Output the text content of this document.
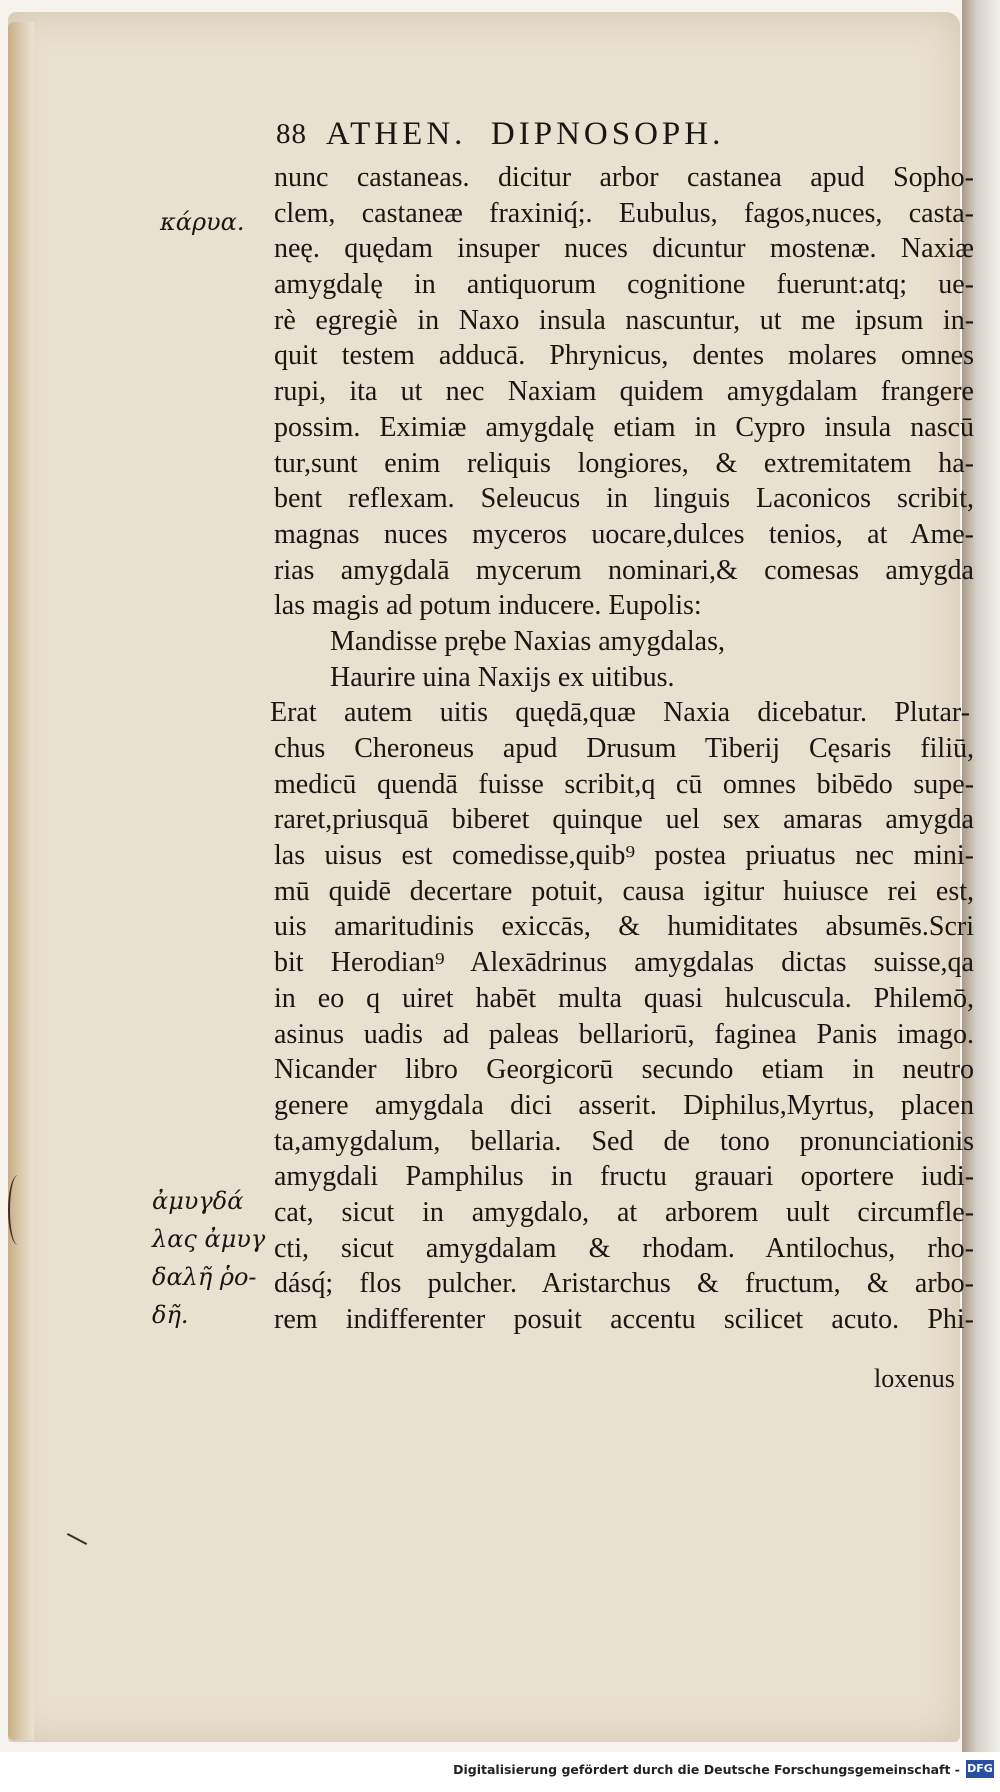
88 ATHEN.  DIPNOSOPH.
κάρυα.
ἀμυγδά
λας ἀμυγ
δαλῆ ῥο-
δῆ.
nunc castaneas. dicitur arbor castanea apud Sopho-
clem, castaneæ fraxiniq́;. Eubulus, fagos,nuces, casta-
neę. quędam insuper nuces dicuntur mostenæ. Naxiæ
amygdalę in antiquorum cognitione fuerunt:atq; ue-
rè egregiè in Naxo insula nascuntur, ut me ipsum in-
quit testem adducā. Phrynicus, dentes molares omnes
rupi, ita ut nec Naxiam quidem amygdalam frangere
possim. Eximiæ amygdalę etiam in Cypro insula nascū
tur,sunt enim reliquis longiores, & extremitatem ha-
bent reflexam. Seleucus in linguis Laconicos scribit,
magnas nuces myceros uocare,dulces tenios, at Ame-
rias amygdalā mycerum nominari,& comesas amygda
las magis ad potum inducere. Eupolis:
Mandisse prębe Naxias amygdalas,
Haurire uina Naxijs ex uitibus.
Erat autem uitis quędā,quæ Naxia dicebatur. Plutar-
chus Cheroneus apud Drusum Tiberij Cęsaris filiū,
medicū quendā fuisse scribit,q cū omnes bibēdo supe-
raret,priusquā biberet quinque uel sex amaras amygda
las uisus est comedisse,quib⁹ postea priuatus nec mini-
mū quidē decertare potuit, causa igitur huiusce rei est,
uis amaritudinis exiccās, & humiditates absumēs.Scri
bit Herodian⁹ Alexādrinus amygdalas dictas suisse,qa
in eo q uiret habēt multa quasi hulcuscula. Philemō,
asinus uadis ad paleas bellariorū, faginea Panis imago.
Nicander libro Georgicorū secundo etiam in neutro
genere amygdala dici asserit. Diphilus,Myrtus, placen
ta,amygdalum, bellaria. Sed de tono pronunciationis
amygdali Pamphilus in fructu grauari oportere iudi-
cat, sicut in amygdalo, at arborem uult circumfle-
cti, sicut amygdalam & rhodam. Antilochus, rho-
dásq́; flos pulcher. Aristarchus & fructum, & arbo-
rem indifferenter posuit accentu scilicet acuto. Phi-
loxenus
Digitalisierung gefördert durch die Deutsche Forschungsgemeinschaft - DFG
